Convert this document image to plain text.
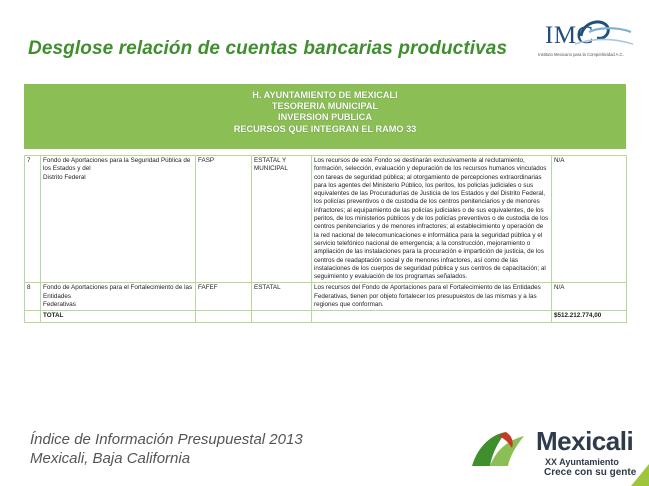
Desglose relación de cuentas bancarias productivas IMC
Instituto Mexicano para la Competitividad A.C.
H. AYUNTAMIENTO DE MEXICALI
TESORERIA MUNICIPAL
INVERSION PUBLICA
RECURSOS QUE INTEGRAN EL RAMO 33
7	Fondo de Aportaciones para la Seguridad Pública de los Estados y del
Distrito Federal	FASP	ESTATAL Y MUNICIPAL	Los recursos de este Fondo se destinarán exclusivamente al reclutamiento, formación, selección, evaluación y depuración de los recursos humanos vinculados con tareas de seguridad pública; al otorgamiento de percepciones extraordinarias para los agentes del Ministerio Público, los peritos, los policías judiciales o sus equivalentes de las Procuradurías de Justicia de los Estados y del Distrito Federal, los policías preventivos o de custodia de los centros penitenciarios y de menores infractores; al equipamiento de las policías judiciales o de sus equivalentes, de los peritos, de los ministerios públicos y de los policías preventivos o de custodia de los centros penitenciarios y de menores infractores; al establecimiento y operación de la red nacional de telecomunicaciones e informática para la seguridad pública y el servicio telefónico nacional de emergencia; a la construcción, mejoramiento o ampliación de las instalaciones para la procuración e impartición de justicia, de los centros de readaptación social y de menores infractores, así como de las instalaciones de los cuerpos de seguridad pública y sus centros de capacitación; al seguimiento y evaluación de los programas señalados.	N/A
8	Fondo de Aportaciones para el Fortalecimiento de las Entidades
Federativas	FAFEF	ESTATAL	Los recursos del Fondo de Aportaciones para el Fortalecimiento de las Entidades Federativas, tienen por objeto fortalecer los presupuestos de las mismas y a las regiones que conforman.	N/A
	TOTAL				$512.212.774,00
Índice de Información Presupuestal 2013
Mexicali, Baja California
Mexicali
XX Ayuntamiento
Crece con su gente
